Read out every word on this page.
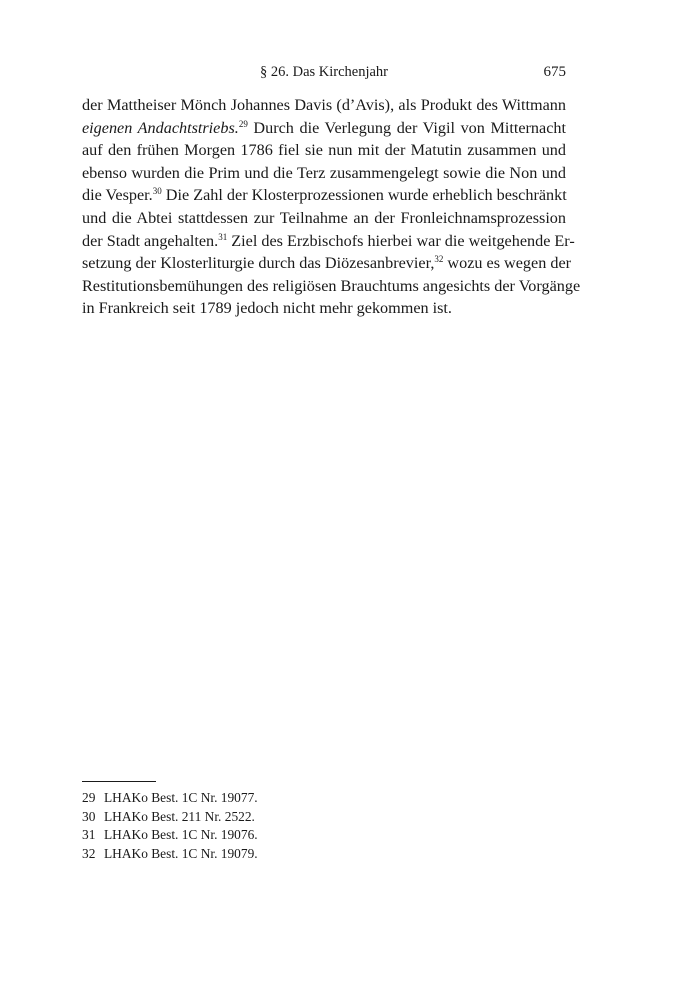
§ 26. Das Kirchenjahr	675
der Mattheiser Mönch Johannes Davis (d’Avis), als Produkt des Wittmann
eigenen Andachtstriebs.$^{29}$ Durch die Verlegung der Vigil von Mitternacht
auf den frühen Morgen 1786 fiel sie nun mit der Matutin zusammen und
ebenso wurden die Prim und die Terz zusammengelegt sowie die Non und
die Vesper.$^{30}$ Die Zahl der Klosterprozessionen wurde erheblich beschränkt
und die Abtei stattdessen zur Teilnahme an der Fronleichnamsprozession
der Stadt angehalten.$^{31}$ Ziel des Erzbischofs hierbei war die weitgehende Er-
setzung der Klosterliturgie durch das Diözesanbrevier,$^{32}$ wozu es wegen der
Restitutionsbemühungen des religiösen Brauchtums angesichts der Vorgänge
in Frankreich seit 1789 jedoch nicht mehr gekommen ist.
29 LHAKo Best. 1C Nr. 19077.
30 LHAKo Best. 211 Nr. 2522.
31 LHAKo Best. 1C Nr. 19076.
32 LHAKo Best. 1C Nr. 19079.
